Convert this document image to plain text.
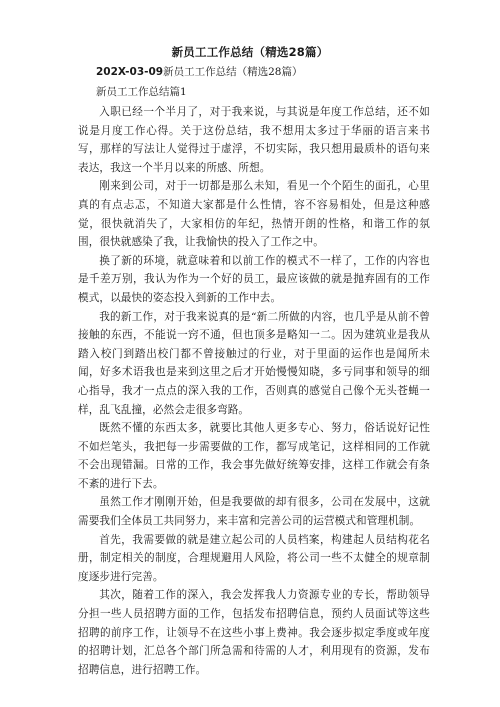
新员工工作总结（精选28篇）
202X-03-09新员工工作总结（精选28篇）
新员工工作总结篇1

入职已经一个半月了，对于我来说，与其说是年度工作总结，还不如说是月度工作心得。关于这份总结，我不想用太多过于华丽的语言来书写，那样的写法让人觉得过于虚浮，不切实际，我只想用最质朴的语句来表达，我这一个半月以来的所感、所想。

刚来到公司，对于一切都是那么未知，看见一个个陌生的面孔，心里真的有点忐忑，不知道大家都是什么性情，容不容易相处，但是这种感觉，很快就消失了，大家相仿的年纪，热情开朗的性格，和谐工作的氛围，很快就感染了我，让我愉快的投入了工作之中。

换了新的环境，就意味着和以前工作的模式不一样了，工作的内容也是千差万别，我认为作为一个好的员工，最应该做的就是抛弃固有的工作模式，以最快的姿态投入到新的工作中去。

我的新工作，对于我来说真的是“新二所做的内容，也几乎是从前不曾接触的东西，不能说一窍不通，但也顶多是略知一二。因为建筑业是我从踏入校门到踏出校门都不曾接触过的行业，对于里面的运作也是闻所未闻，好多术语我也是来到这里之后才开始慢慢知晓，多亏同事和领导的细心指导，我才一点点的深入我的工作，否则真的感觉自己像个无头苍蝇一样，乱飞乱撞，必然会走很多弯路。

既然不懂的东西太多，就要比其他人更多专心、努力，俗话说好记性不如烂笔头，我把每一步需要做的工作，都写成笔记，这样相同的工作就不会出现错漏。日常的工作，我会事先做好统筹安排，这样工作就会有条不紊的进行下去。

虽然工作才刚刚开始，但是我要做的却有很多，公司在发展中，这就需要我们全体员工共同努力，来丰富和完善公司的运营模式和管理机制。

首先，我需要做的就是建立起公司的人员档案，构建起人员结构花名册，制定相关的制度，合理规避用人风险，将公司一些不太健全的规章制度逐步进行完善。

其次，随着工作的深入，我会发挥我人力资源专业的专长，帮助领导分担一些人员招聘方面的工作，包括发布招聘信息，预约人员面试等这些招聘的前序工作，让领导不在这些小事上费神。我会逐步拟定季度或年度的招聘计划，汇总各个部门所急需和待需的人才，利用现有的资源，发布招聘信息，进行招聘工作。
